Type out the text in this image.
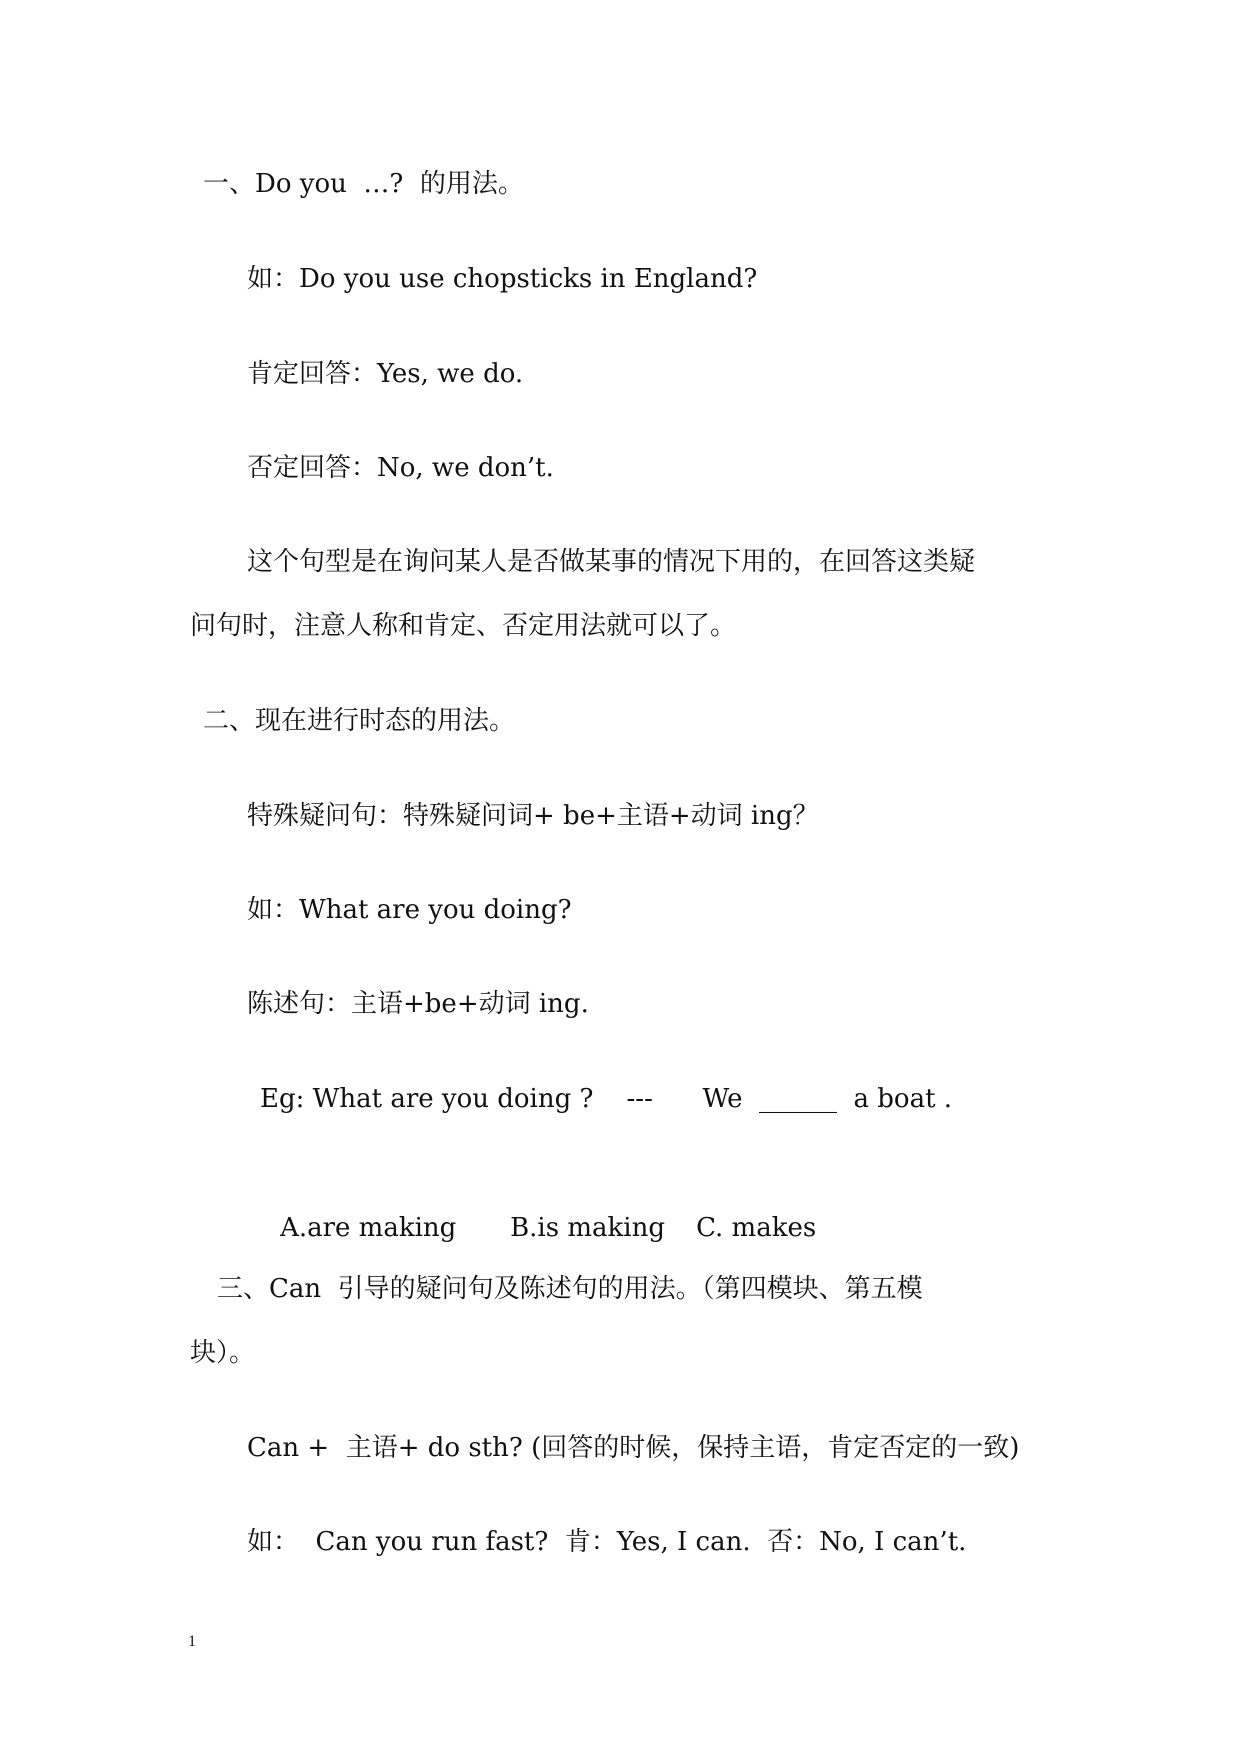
一、Do you  …?  的用法。
如：Do you use chopsticks in England?
肯定回答：Yes, we do.
否定回答：No, we don’t.
这个句型是在询问某人是否做某事的情况下用的，在回答这类疑
问句时，注意人称和肯定、否定用法就可以了。
二、现在进行时态的用法。
特殊疑问句：特殊疑问词+ be+主语+动词 ing？
如：What are you doing?
陈述句：主语+be+动词 ing.
Eg: What are you doing ?    ---      We  ______  a boat .

A.are making B.is making C. makes

三、Can  引导的疑问句及陈述句的用法。（第四模块、第五模
块）。
Can +  主语+ do sth? (回答的时候，保持主语，肯定否定的一致)
如：  Can you run fast?  肯：Yes, I can.  否：No, I can’t.
1
